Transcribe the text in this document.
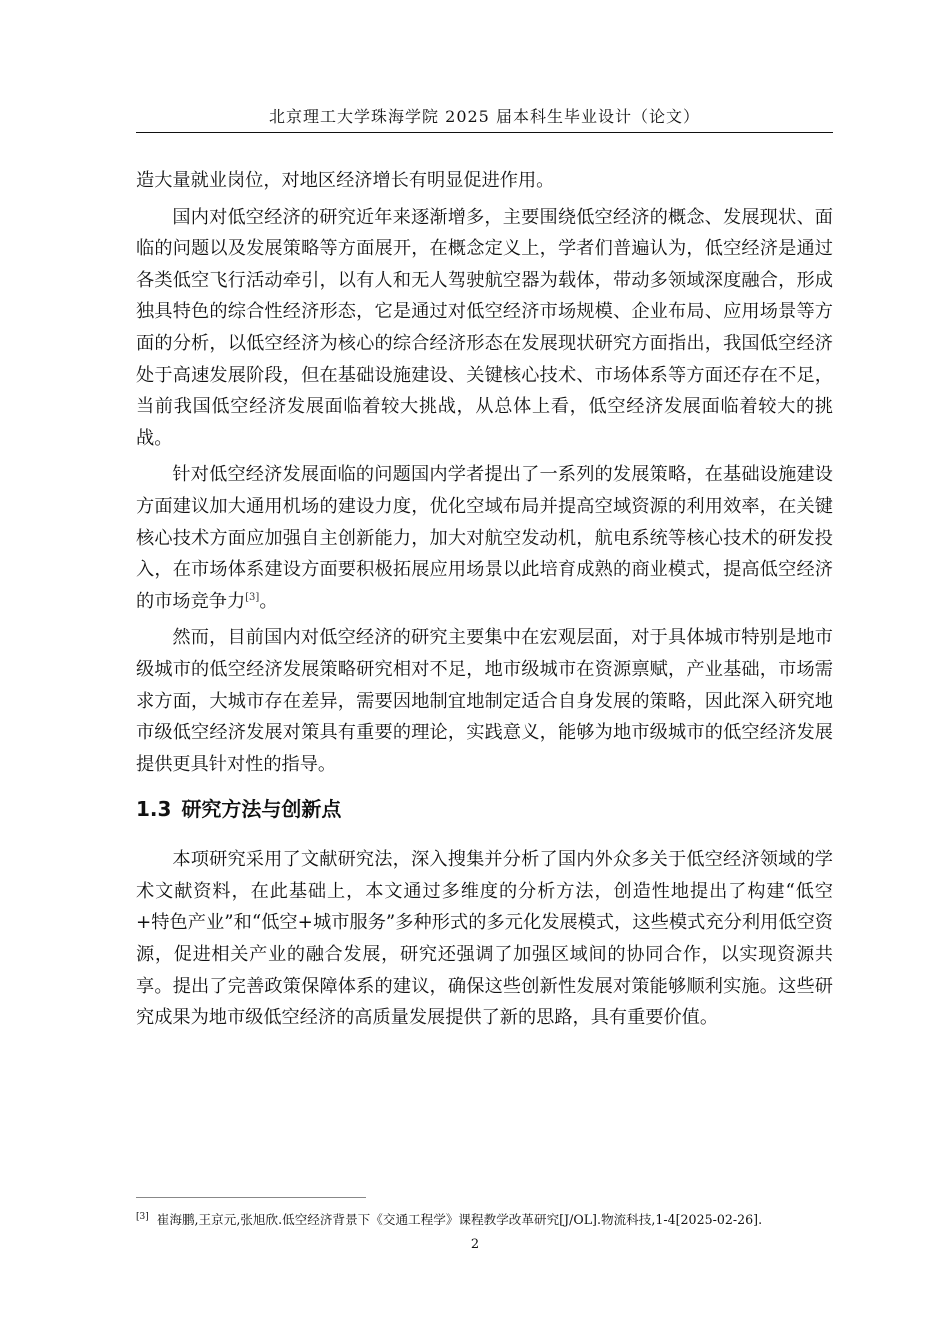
北京理工大学珠海学院 2025 届本科生毕业设计（论文）

造大量就业岗位，对地区经济增长有明显促进作用。

国内对低空经济的研究近年来逐渐增多，主要围绕低空经济的概念、发展现状、面临的问题以及发展策略等方面展开，在概念定义上，学者们普遍认为，低空经济是通过各类低空飞行活动牵引，以有人和无人驾驶航空器为载体，带动多领域深度融合，形成独具特色的综合性经济形态，它是通过对低空经济市场规模、企业布局、应用场景等方面的分析，以低空经济为核心的综合经济形态在发展现状研究方面指出，我国低空经济处于高速发展阶段，但在基础设施建设、关键核心技术、市场体系等方面还存在不足，当前我国低空经济发展面临着较大挑战，从总体上看，低空经济发展面临着较大的挑战。

针对低空经济发展面临的问题国内学者提出了一系列的发展策略，在基础设施建设方面建议加大通用机场的建设力度，优化空域布局并提高空域资源的利用效率，在关键核心技术方面应加强自主创新能力，加大对航空发动机，航电系统等核心技术的研发投入，在市场体系建设方面要积极拓展应用场景以此培育成熟的商业模式，提高低空经济的市场竞争力[3]。

然而，目前国内对低空经济的研究主要集中在宏观层面，对于具体城市特别是地市级城市的低空经济发展策略研究相对不足，地市级城市在资源禀赋，产业基础，市场需求方面，大城市存在差异，需要因地制宜地制定适合自身发展的策略，因此深入研究地市级低空经济发展对策具有重要的理论，实践意义，能够为地市级城市的低空经济发展提供更具针对性的指导。

1.3 研究方法与创新点

本项研究采用了文献研究法，深入搜集并分析了国内外众多关于低空经济领域的学术文献资料，在此基础上，本文通过多维度的分析方法，创造性地提出了构建“低空+特色产业”和“低空+城市服务”多种形式的多元化发展模式，这些模式充分利用低空资源，促进相关产业的融合发展，研究还强调了加强区域间的协同合作，以实现资源共享。提出了完善政策保障体系的建议，确保这些创新性发展对策能够顺利实施。这些研究成果为地市级低空经济的高质量发展提供了新的思路，具有重要价值。

[3] 崔海鹏,王京元,张旭欣.低空经济背景下《交通工程学》课程教学改革研究[J/OL].物流科技,1-4[2025-02-26].
2
